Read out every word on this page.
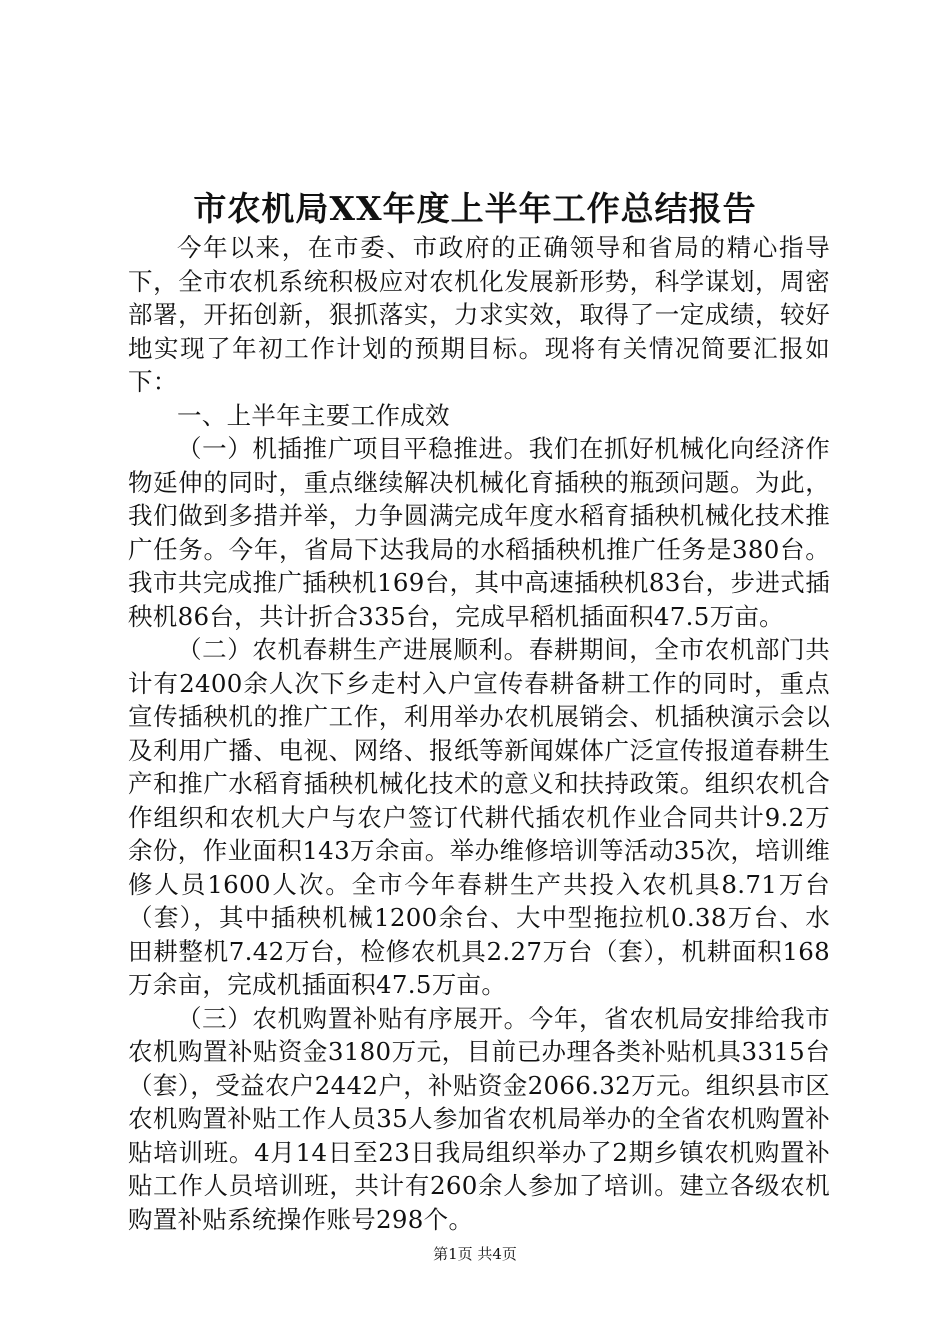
市农机局XX年度上半年工作总结报告

今年以来，在市委、市政府的正确领导和省局的精心指导下，全市农机系统积极应对农机化发展新形势，科学谋划，周密部署，开拓创新，狠抓落实，力求实效，取得了一定成绩，较好地实现了年初工作计划的预期目标。现将有关情况简要汇报如下：

一、上半年主要工作成效

（一）机插推广项目平稳推进。我们在抓好机械化向经济作物延伸的同时，重点继续解决机械化育插秧的瓶颈问题。为此，我们做到多措并举，力争圆满完成年度水稻育插秧机械化技术推广任务。今年，省局下达我局的水稻插秧机推广任务是380台。我市共完成推广插秧机169台，其中高速插秧机83台，步进式插秧机86台，共计折合335台，完成早稻机插面积47.5万亩。

（二）农机春耕生产进展顺利。春耕期间，全市农机部门共计有2400余人次下乡走村入户宣传春耕备耕工作的同时，重点宣传插秧机的推广工作，利用举办农机展销会、机插秧演示会以及利用广播、电视、网络、报纸等新闻媒体广泛宣传报道春耕生产和推广水稻育插秧机械化技术的意义和扶持政策。组织农机合作组织和农机大户与农户签订代耕代插农机作业合同共计9.2万余份，作业面积143万余亩。举办维修培训等活动35次，培训维修人员1600人次。全市今年春耕生产共投入农机具8.71万台（套），其中插秧机械1200余台、大中型拖拉机0.38万台、水田耕整机7.42万台，检修农机具2.27万台（套），机耕面积168万余亩，完成机插面积47.5万亩。

（三）农机购置补贴有序展开。今年，省农机局安排给我市农机购置补贴资金3180万元，目前已办理各类补贴机具3315台（套），受益农户2442户，补贴资金2066.32万元。组织县市区农机购置补贴工作人员35人参加省农机局举办的全省农机购置补贴培训班。4月14日至23日我局组织举办了2期乡镇农机购置补贴工作人员培训班，共计有260余人参加了培训。建立各级农机购置补贴系统操作账号298个。

第1页 共4页
